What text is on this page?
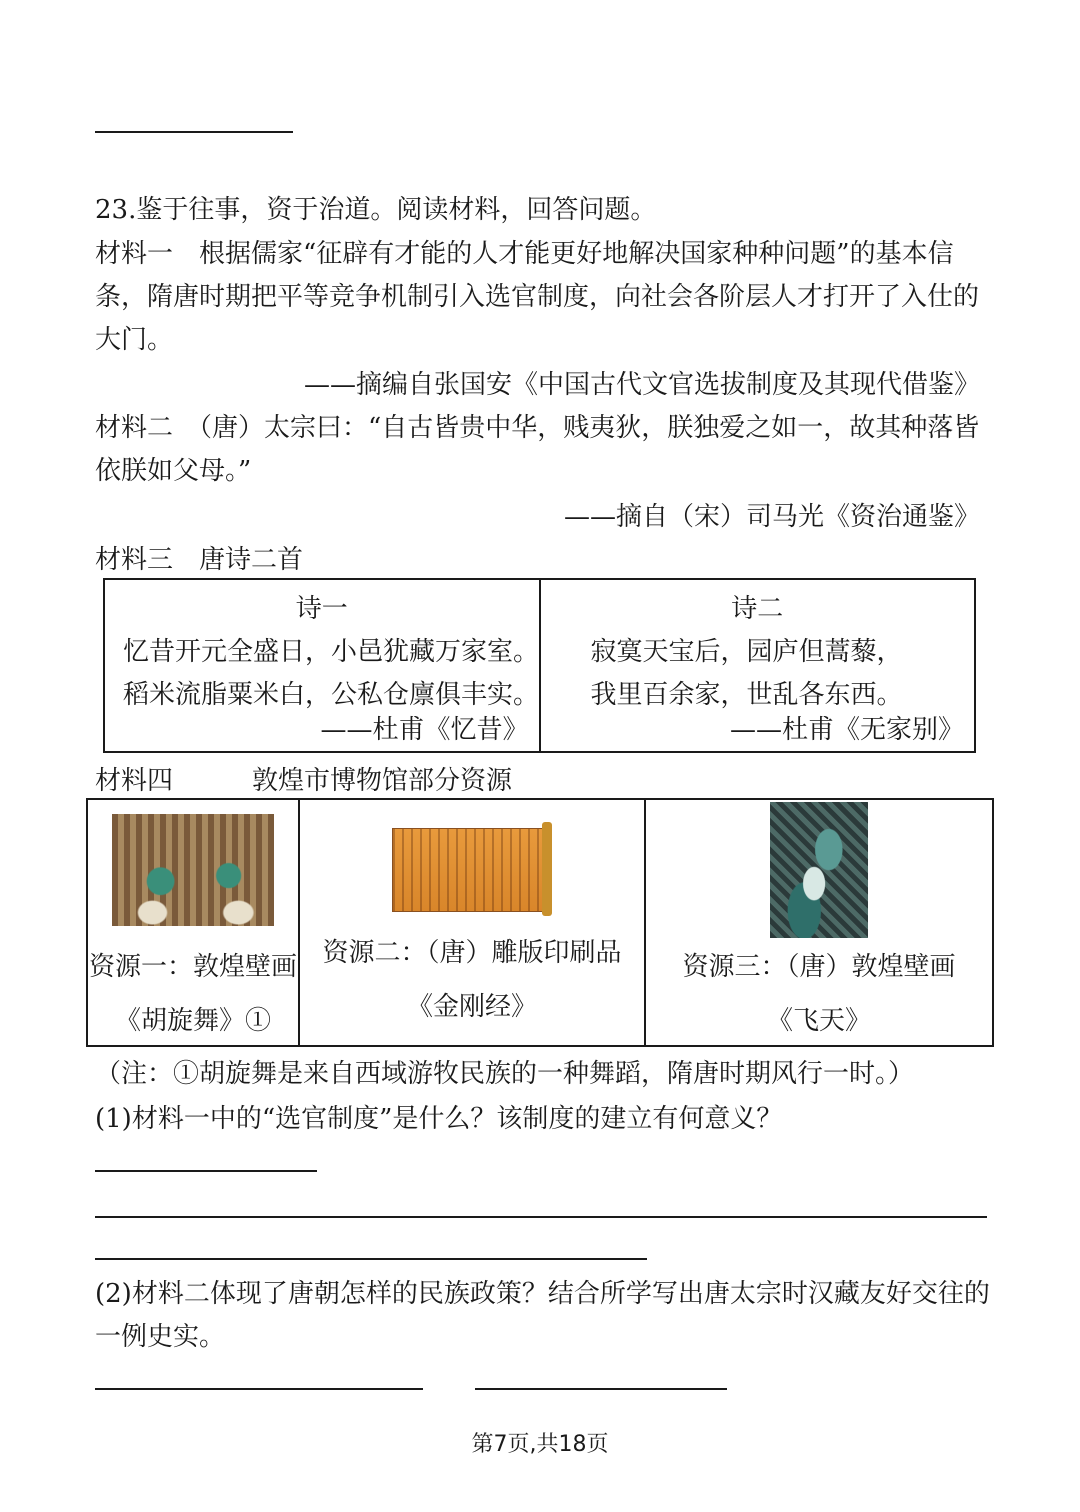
23.鉴于往事，资于治道。阅读材料，回答问题。
材料一　根据儒家“征辟有才能的人才能更好地解决国家种种问题”的基本信条，隋唐时期把平等竞争机制引入选官制度，向社会各阶层人才打开了入仕的大门。
——摘编自张国安《中国古代文官选拔制度及其现代借鉴》
材料二　（唐）太宗曰：“自古皆贵中华，贱夷狄，朕独爱之如一，故其种落皆依朕如父母。”
——摘自（宋）司马光《资治通鉴》
材料三　唐诗二首
诗一
忆昔开元全盛日，小邑犹藏万家室。
稻米流脂粟米白，公私仓廪俱丰实。
——杜甫《忆昔》
诗二
寂寞天宝后，园庐但蒿藜，
我里百余家，世乱各东西。
——杜甫《无家别》
材料四	敦煌市博物馆部分资源
资源一：敦煌壁画
《胡旋舞》①
资源二：（唐）雕版印刷品
《金刚经》
资源三：（唐）敦煌壁画
《飞天》
（注：①胡旋舞是来自西域游牧民族的一种舞蹈，隋唐时期风行一时。）
(1)材料一中的“选官制度”是什么？该制度的建立有何意义？
(2)材料二体现了唐朝怎样的民族政策？结合所学写出唐太宗时汉藏友好交往的一例史实。
第7页,共18页
